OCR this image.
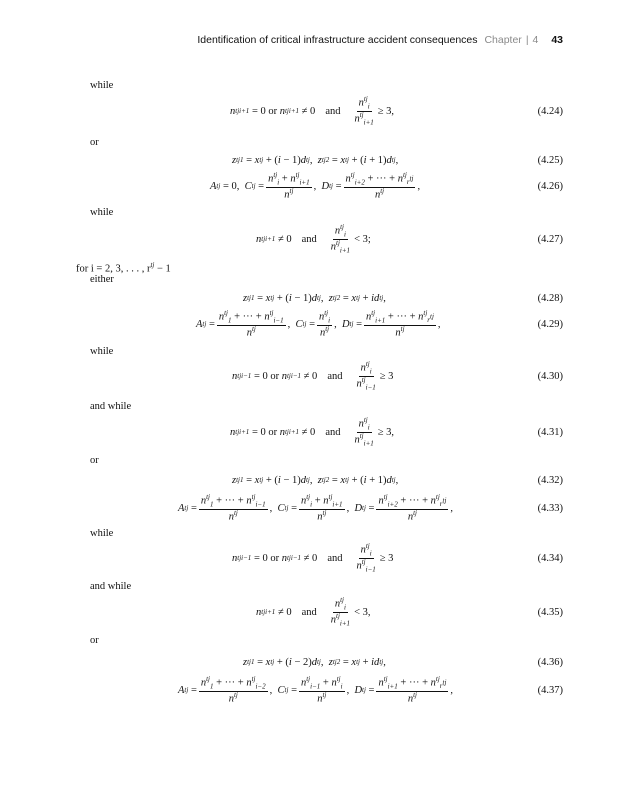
Identification of critical infrastructure accident consequences Chapter | 4 43
while
n tj i+1
= 0 or n tj i+1
≠ 0 and $\frac{n^{tj}_i}{n^{tj}_{i+1}} \ge 3$,	(4.24)
or
z tj 1
= x tj
+ ( i − 1) d tj , z tj 2
= x tj
+ ( i + 1) d tj ,	(4.25)
A tj
= 0, C tj
= $\frac{n^{tj}_i + n^{tj}_{i+1}}{n^{tj}}$ , D tj
= $\frac{n^{tj}_{i+2} + \cdot\cdot\cdot + n^{tj}_{r^{tj}}}{n^{tj}}$ ,	(4.26)
while
n tj i+1
≠ 0 and $\frac{n^{tj}_i}{n^{tj}_{i+1}} < 3$;	(4.27)
for i = 2, 3, . . . , $r^{tj} - 1$
either
z tj 1
= x tj
+ ( i − 1) d tj , z tj 2
= x tj
+ id tj ,	(4.28)
A tj
= $\frac{n^{tj}_1 + \cdot\cdot\cdot + n^{tj}_{i-1}}{n^{tj}}$ , C tj
= $\frac{n^{tj}_i}{n^{tj}}$ , D tj
= $\frac{n^{tj}_{i+1} + \cdot\cdot\cdot + n^{tj}_{r^{tj}}}{n^{tj}}$ ,	(4.29)
while
n tj i−1
= 0 or n tj i−1
≠ 0 and $\frac{n^{tj}_i}{n^{tj}_{i-1}} \ge 3$	(4.30)
and while
n tj i+1
= 0 or n tj i+1
≠ 0 and $\frac{n^{tj}_i}{n^{tj}_{i+1}} \ge 3$,	(4.31)
or
z tj 1
= x tj
+ ( i − 1) d tj , z tj 2
= x tj
+ ( i + 1) d tj ,	(4.32)
A tj
= $\frac{n^{tj}_1 + \cdot\cdot\cdot + n^{tj}_{i-1}}{n^{tj}}$ , C tj
= $\frac{n^{tj}_i + n^{tj}_{i+1}}{n^{tj}}$ , D tj
= $\frac{n^{tj}_{i+2} + \cdot\cdot\cdot + n^{tj}_{r^{tj}}}{n^{tj}}$ ,	(4.33)
while
n tj i−1
= 0 or n tj i−1
≠ 0 and $\frac{n^{tj}_i}{n^{tj}_{i-1}} \ge 3$	(4.34)
and while
n tj i+1
≠ 0 and $\frac{n^{tj}_i}{n^{tj}_{i+1}} < 3$,	(4.35)
or
z tj 1
= x tj
+ ( i − 2) d tj , z tj 2
= x tj
+ id tj ,	(4.36)
A tj
= $\frac{n^{tj}_1 + \cdot\cdot\cdot + n^{tj}_{i-2}}{n^{tj}}$ , C tj
= $\frac{n^{tj}_{i-1} + n^{tj}_i}{n^{tj}}$ , D tj
= $\frac{n^{tj}_{i+1} + \cdot\cdot\cdot + n^{tj}_{r^{tj}}}{n^{tj}}$ ,	(4.37)
